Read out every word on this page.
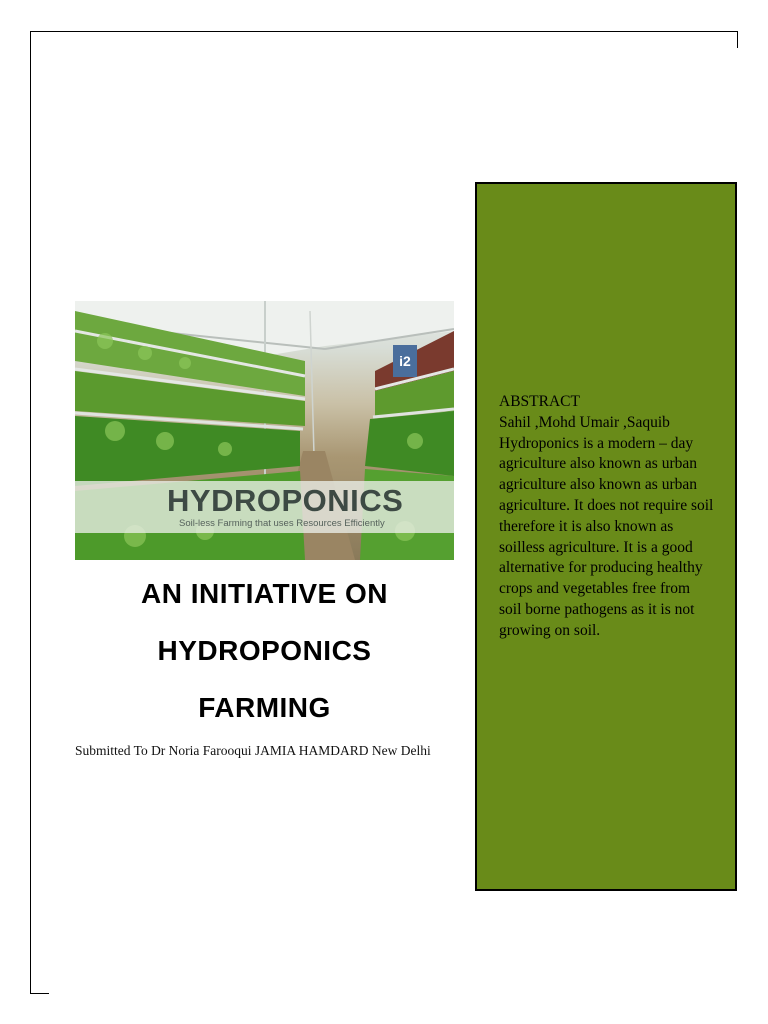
i2
HYDROPONICS
Soil-less Farming that uses Resources Efficiently
AN INITIATIVE ON
HYDROPONICS
FARMING
Submitted To Dr Noria Farooqui JAMIA HAMDARD New Delhi
ABSTRACT
Sahil ,Mohd Umair ,Saquib
Hydroponics is a modern – day agriculture also known as urban agriculture also known as urban agriculture. It does not require soil therefore it is also known as soilless agriculture. It is a good alternative for producing healthy crops and vegetables free from soil borne pathogens as it is not growing on soil.
